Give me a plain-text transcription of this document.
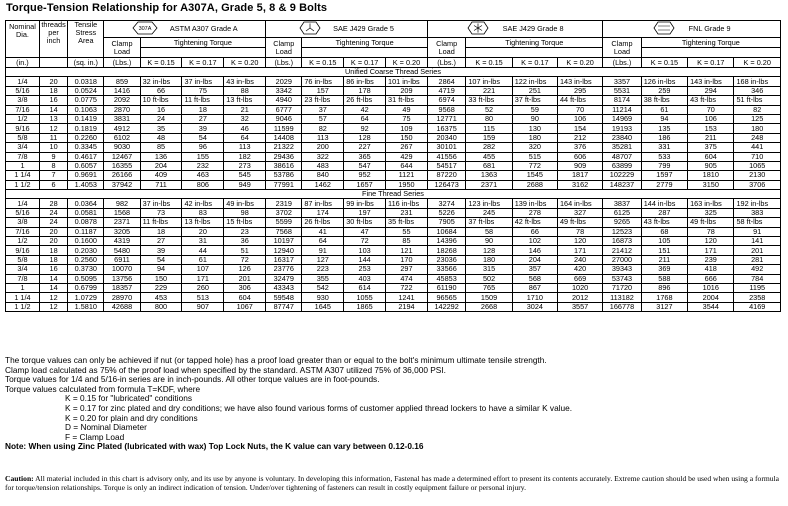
Torque-Tension Relationship for A307A, Grade 5, 8 & 9 Bolts
Nominal Dia.	threads per inch	Tensile Stress Area	307A ASTM A307 Grade A				SAE J429 Grade 5				SAE J429 Grade 8				FNL Grade 9			
			Clamp Load	Tightening Torque			Clamp Load	Tightening Torque			Clamp Load	Tightening Torque			Clamp Load	Tightening Torque		

(in.)		(sq. in.)	(Lbs.)	K = 0.15	K = 0.17	K = 0.20	(Lbs.)	K = 0.15	K = 0.17	K = 0.20	(Lbs.)	K = 0.15	K = 0.17	K = 0.20	(Lbs.)	K = 0.15	K = 0.17	K = 0.20
Unified Coarse Thread Series																		
1/4	20	0.0318	859	32 in-lbs	37 in-lbs	43 in-lbs	2029	76 in-lbs	86 in-lbs	101 in-lbs	2864	107 in-lbs	122 in-lbs	143 in-lbs	3357	126 in-lbs	143 in-lbs	168 in-lbs
5/16	18	0.0524	1416	66	75	88	3342	157	178	209	4719	221	251	295	5531	259	294	346
3/8	16	0.0775	2092	10 ft-lbs	11 ft-lbs	13 ft-lbs	4940	23 ft-lbs	26 ft-lbs	31 ft-lbs	6974	33 ft-lbs	37 ft-lbs	44 ft-lbs	8174	38 ft-lbs	43 ft-lbs	51 ft-lbs
7/16	14	0.1063	2870	16	18	21	6777	37	42	49	9568	52	59	70	11214	61	70	82
1/2	13	0.1419	3831	24	27	32	9046	57	64	75	12771	80	90	106	14969	94	106	125
9/16	12	0.1819	4912	35	39	46	11599	82	92	109	16375	115	130	154	19193	135	153	180
5/8	11	0.2260	6102	48	54	64	14408	113	128	150	20340	159	180	212	23840	186	211	248
3/4	10	0.3345	9030	85	96	113	21322	200	227	267	30101	282	320	376	35281	331	375	441
7/8	9	0.4617	12467	136	155	182	29436	322	365	429	41556	455	515	606	48707	533	604	710
1	8	0.6057	16355	204	232	273	38616	483	547	644	54517	681	772	909	63899	799	905	1065
1 1/4	7	0.9691	26166	409	463	545	53786	840	952	1121	87220	1363	1545	1817	102229	1597	1810	2130
1 1/2	6	1.4053	37942	711	806	949	77991	1462	1657	1950	126473	2371	2688	3162	148237	2779	3150	3706
Fine Thread Series																		
1/4	28	0.0364	982	37 in-lbs	42 in-lbs	49 in-lbs	2319	87 in-lbs	99 in-lbs	116 in-lbs	3274	123 in-lbs	139 in-lbs	164 in-lbs	3837	144 in-lbs	163 in-lbs	192 in-lbs
5/16	24	0.0581	1568	73	83	98	3702	174	197	231	5226	245	278	327	6125	287	325	383
3/8	24	0.0878	2371	11 ft-lbs	13 ft-lbs	15 ft-lbs	5599	26 ft-lbs	30 ft-lbs	35 ft-lbs	7905	37 ft-lbs	42 ft-lbs	49 ft-lbs	9265	43 ft-lbs	49 ft-lbs	58 ft-lbs
7/16	20	0.1187	3205	18	20	23	7568	41	47	55	10684	58	66	78	12523	68	78	91
1/2	20	0.1600	4319	27	31	36	10197	64	72	85	14396	90	102	120	16873	105	120	141
9/16	18	0.2030	5480	39	44	51	12940	91	103	121	18268	128	146	171	21412	151	171	201
5/8	18	0.2560	6911	54	61	72	16317	127	144	170	23036	180	204	240	27000	211	239	281
3/4	16	0.3730	10070	94	107	126	23776	223	253	297	33566	315	357	420	39343	369	418	492
7/8	14	0.5095	13756	150	171	201	32479	355	403	474	45853	502	568	669	53743	588	666	784
1	14	0.6799	18357	229	260	306	43343	542	614	722	61190	765	867	1020	71720	896	1016	1195
1 1/4	12	1.0729	28970	453	513	604	59548	930	1055	1241	96565	1509	1710	2012	113182	1768	2004	2358
1 1/2	12	1.5810	42688	800	907	1067	87747	1645	1865	2194	142292	2668	3024	3557	166778	3127	3544	4169
The torque values can only be achieved if nut (or tapped hole) has a proof load greater than or equal to the bolt's minimum ultimate tensile strength.
Clamp load calculated as 75% of the proof load when specified by the standard. ASTM A307 utilized 75% of 36,000 PSI.
Torque values for 1/4 and 5/16-in series are in inch-pounds. All other torque values are in foot-pounds.
Torque values calculated from formula T=KDF, where
K = 0.15 for "lubricated" conditions
K = 0.17 for zinc plated and dry conditions; we have also found various forms of customer applied thread lockers to have a similar K value.
K = 0.20 for plain and dry conditions
D = Nominal Diameter
F = Clamp Load
Note: When using Zinc Plated (lubricated with wax) Top Lock Nuts, the K value can vary between 0.12-0.16
Caution: All material included in this chart is advisory only, and its use by anyone is voluntary. In developing this information, Fastenal has made a determined effort to present its contents accurately. Extreme caution should be used when using a formula for torque/tension relationships. Torque is only an indirect indication of tension. Under/over tightening of fasteners can result in costly equipment failure or personal injury.
